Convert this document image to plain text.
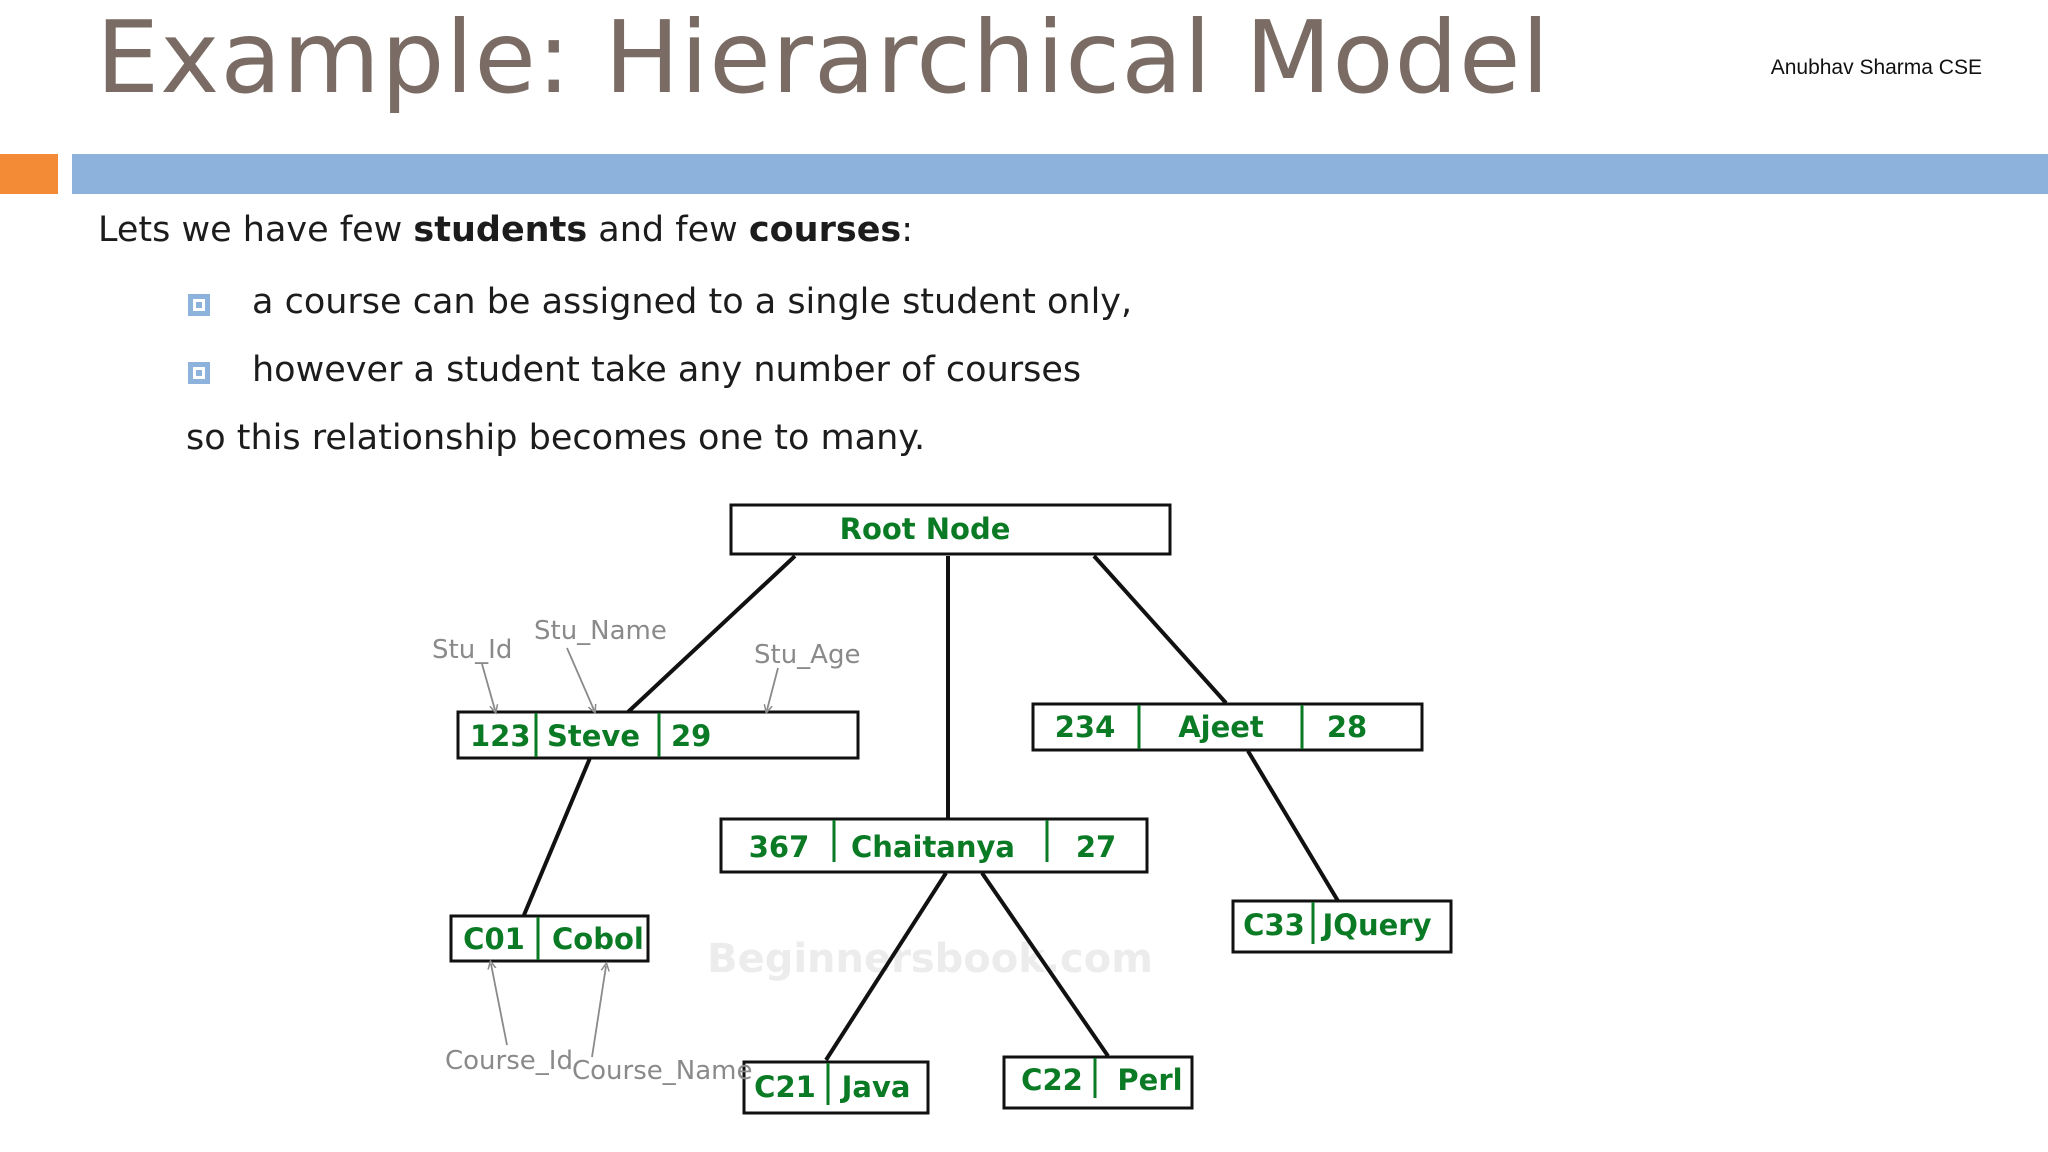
Example: Hierarchical Model	Anubhav Sharma CSE
Lets we have few students and few courses:
a course can be assigned to a single student only,
however a student take any number of courses
so this relationship becomes one to many.
Beginnersbook.com
Root Node
123 Steve 29
367 Chaitanya 27
234 Ajeet 28
C01 Cobol
C21 Java	C22 Perl
C33 JQuery
Stu_Id
Stu_Name
Stu_Age
Course_Id Course_Name
